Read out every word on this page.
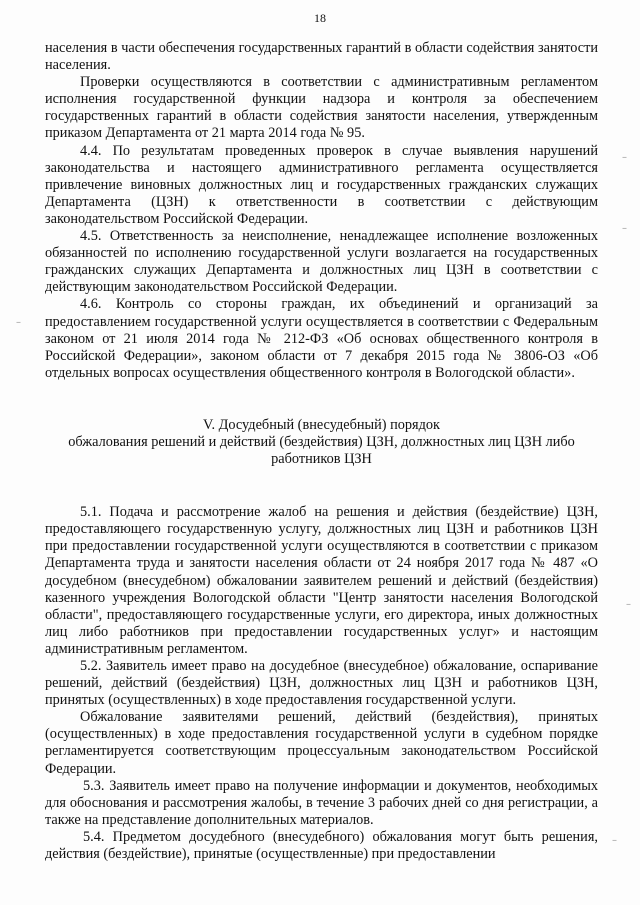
18

населения в части обеспечения государственных гарантий в области содействия занятости населения.

Проверки осуществляются в соответствии с административным регламентом исполнения государственной функции надзора и контроля за обеспечением государственных гарантий в области содействия занятости населения, утвержденным приказом Департамента от 21 марта 2014 года № 95.

4.4. По результатам проведенных проверок в случае выявления нарушений законодательства и настоящего административного регламента осуществляется привлечение виновных должностных лиц и государственных гражданских служащих Департамента (ЦЗН) к ответственности в соответствии с действующим законодательством Российской Федерации.

4.5. Ответственность за неисполнение, ненадлежащее исполнение возложенных обязанностей по исполнению государственной услуги возлагается на государственных гражданских служащих Департамента и должностных лиц ЦЗН в соответствии с действующим законодательством Российской Федерации.

4.6. Контроль со стороны граждан, их объединений и организаций за предоставлением государственной услуги осуществляется в соответствии с Федеральным законом от 21 июля 2014 года № 212-ФЗ «Об основах общественного контроля в Российской Федерации», законом области от 7 декабря 2015 года № 3806-ОЗ «Об отдельных вопросах осуществления общественного контроля в Вологодской области».

V. Досудебный (внесудебный) порядок

обжалования решений и действий (бездействия) ЦЗН, должностных лиц ЦЗН либо

работников ЦЗН

5.1. Подача и рассмотрение жалоб на решения и действия (бездействие) ЦЗН, предоставляющего государственную услугу, должностных лиц ЦЗН и работников ЦЗН при предоставлении государственной услуги осуществляются в соответствии с приказом Департамента труда и занятости населения области от 24 ноября 2017 года № 487 «О досудебном (внесудебном) обжаловании заявителем решений и действий (бездействия) казенного учреждения Вологодской области "Центр занятости населения Вологодской области", предоставляющего государственные услуги, его директора, иных должностных лиц либо работников при предоставлении государственных услуг» и настоящим административным регламентом.

5.2. Заявитель имеет право на досудебное (внесудебное) обжалование, оспаривание решений, действий (бездействия) ЦЗН, должностных лиц ЦЗН и работников ЦЗН, принятых (осуществленных) в ходе предоставления государственной услуги.

Обжалование заявителями решений, действий (бездействия), принятых (осуществленных) в ходе предоставления государственной услуги в судебном порядке регламентируется соответствующим процессуальным законодательством Российской Федерации.

5.3. Заявитель имеет право на получение информации и документов, необходимых для обоснования и рассмотрения жалобы, в течение 3 рабочих дней со дня регистрации, а также на представление дополнительных материалов.

5.4. Предметом досудебного (внесудебного) обжалования могут быть решения, действия (бездействие), принятые (осуществленные) при предоставлении

–
–
–
–
–
